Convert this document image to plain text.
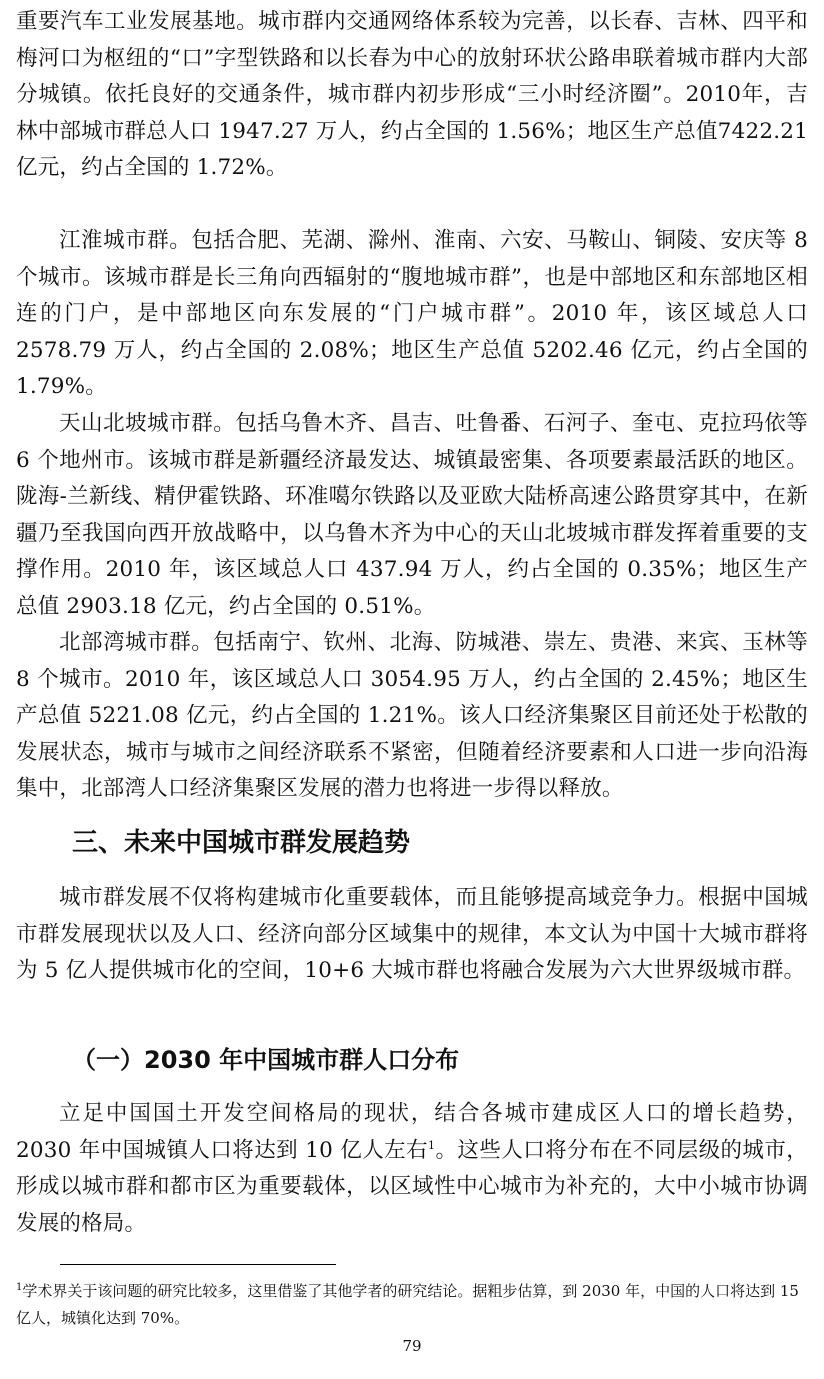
重要汽车工业发展基地。城市群内交通网络体系较为完善，以长春、吉林、四平和梅河口为枢纽的“口”字型铁路和以长春为中心的放射环状公路串联着城市群内大部分城镇。依托良好的交通条件，城市群内初步形成“三小时经济圈”。2010年，吉林中部城市群总人口 1947.27 万人，约占全国的 1.56%；地区生产总值7422.21 亿元，约占全国的 1.72%。

江淮城市群。包括合肥、芜湖、滁州、淮南、六安、马鞍山、铜陵、安庆等 8 个城市。该城市群是长三角向西辐射的“腹地城市群”，也是中部地区和东部地区相连的门户，是中部地区向东发展的“门户城市群”。2010 年，该区域总人口 2578.79 万人，约占全国的 2.08%；地区生产总值 5202.46 亿元，约占全国的 1.79%。

天山北坡城市群。包括乌鲁木齐、昌吉、吐鲁番、石河子、奎屯、克拉玛依等 6 个地州市。该城市群是新疆经济最发达、城镇最密集、各项要素最活跃的地区。陇海-兰新线、精伊霍铁路、环准噶尔铁路以及亚欧大陆桥高速公路贯穿其中，在新疆乃至我国向西开放战略中，以乌鲁木齐为中心的天山北坡城市群发挥着重要的支撑作用。2010 年，该区域总人口 437.94 万人，约占全国的 0.35%；地区生产总值 2903.18 亿元，约占全国的 0.51%。

北部湾城市群。包括南宁、钦州、北海、防城港、崇左、贵港、来宾、玉林等 8 个城市。2010 年，该区域总人口 3054.95 万人，约占全国的 2.45%；地区生产总值 5221.08 亿元，约占全国的 1.21%。该人口经济集聚区目前还处于松散的发展状态，城市与城市之间经济联系不紧密，但随着经济要素和人口进一步向沿海集中，北部湾人口经济集聚区发展的潜力也将进一步得以释放。

三、未来中国城市群发展趋势

城市群发展不仅将构建城市化重要载体，而且能够提高域竞争力。根据中国城市群发展现状以及人口、经济向部分区域集中的规律，本文认为中国十大城市群将为 5 亿人提供城市化的空间，10+6 大城市群也将融合发展为六大世界级城市群。

（一）2030 年中国城市群人口分布

立足中国国土开发空间格局的现状，结合各城市建成区人口的增长趋势，2030 年中国城镇人口将达到 10 亿人左右$^1$。这些人口将分布在不同层级的城市，形成以城市群和都市区为重要载体，以区域性中心城市为补充的，大中小城市协调发展的格局。

$^1$学术界关于该问题的研究比较多，这里借鉴了其他学者的研究结论。据粗步估算，到 2030 年，中国的人口将达到 15 亿人，城镇化达到 70%。

79
